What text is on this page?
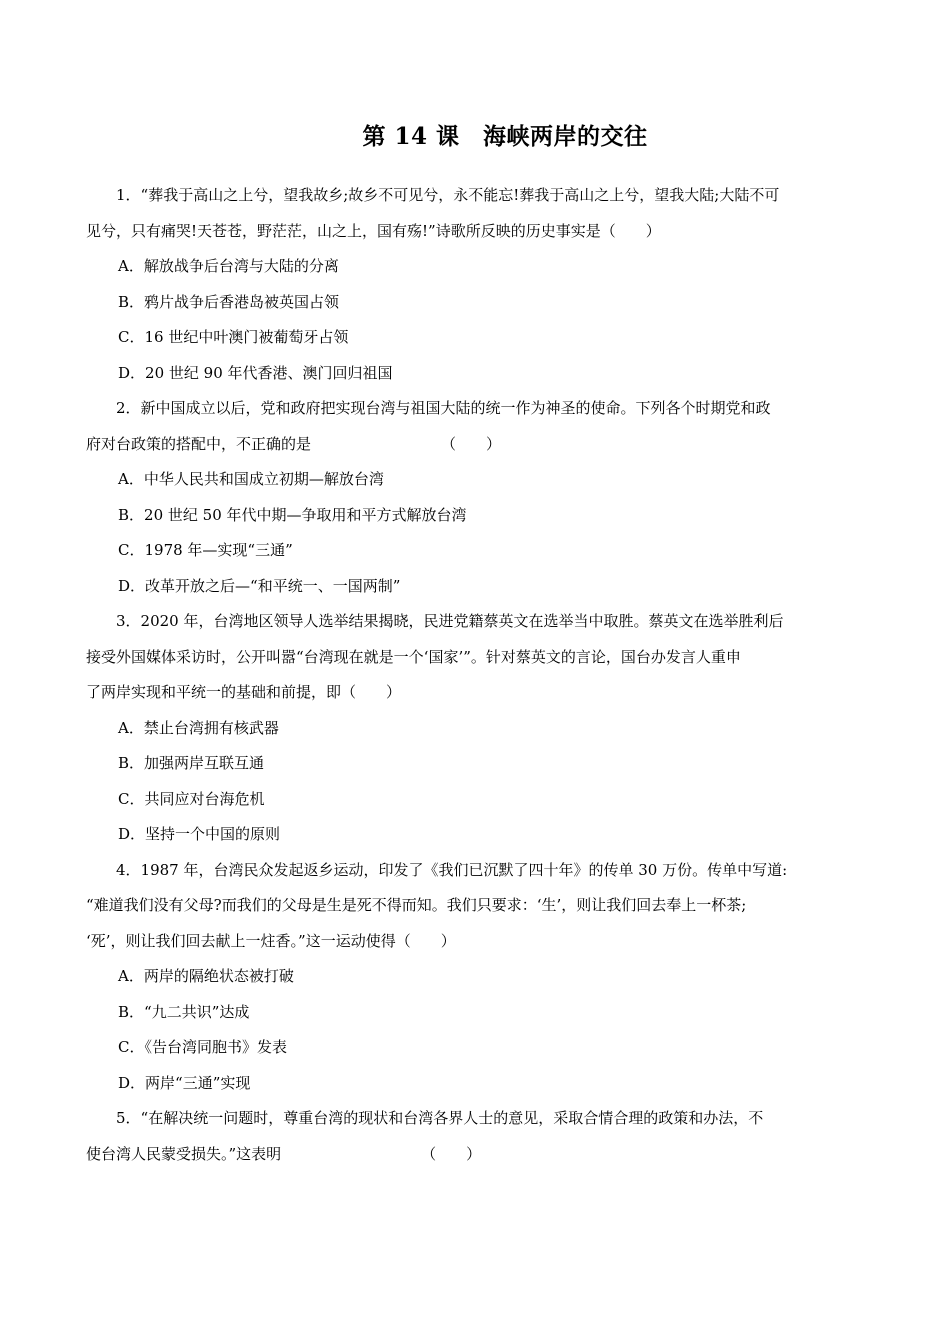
第 14 课　海峡两岸的交往
1．“葬我于高山之上兮，望我故乡;故乡不可见兮，永不能忘!葬我于高山之上兮，望我大陆;大陆不可
见兮，只有痛哭!天苍苍，野茫茫，山之上，国有殇!”诗歌所反映的历史事实是（　　）
A．解放战争后台湾与大陆的分离
B．鸦片战争后香港岛被英国占领
C．16 世纪中叶澳门被葡萄牙占领
D．20 世纪 90 年代香港、澳门回归祖国
2．新中国成立以后，党和政府把实现台湾与祖国大陆的统一作为神圣的使命。下列各个时期党和政
府对台政策的搭配中，不正确的是	（　　）
A．中华人民共和国成立初期—解放台湾
B．20 世纪 50 年代中期—争取用和平方式解放台湾
C．1978 年—实现“三通”
D．改革开放之后—“和平统一、一国两制”
3．2020 年，台湾地区领导人选举结果揭晓，民进党籍蔡英文在选举当中取胜。蔡英文在选举胜利后
接受外国媒体采访时，公开叫嚣“台湾现在就是一个‘国家’”。针对蔡英文的言论，国台办发言人重申
了两岸实现和平统一的基础和前提，即（　　）
A．禁止台湾拥有核武器
B．加强两岸互联互通
C．共同应对台海危机
D．坚持一个中国的原则
4．1987 年，台湾民众发起返乡运动，印发了《我们已沉默了四十年》的传单 30 万份。传单中写道:
“难道我们没有父母?而我们的父母是生是死不得而知。我们只要求：‘生’，则让我们回去奉上一杯茶;
‘死’，则让我们回去献上一炷香。”这一运动使得（　　）
A．两岸的隔绝状态被打破
B．“九二共识”达成
C．《告台湾同胞书》发表
D．两岸“三通”实现
5．“在解决统一问题时，尊重台湾的现状和台湾各界人士的意见，采取合情合理的政策和办法，不
使台湾人民蒙受损失。”这表明	（　　）
